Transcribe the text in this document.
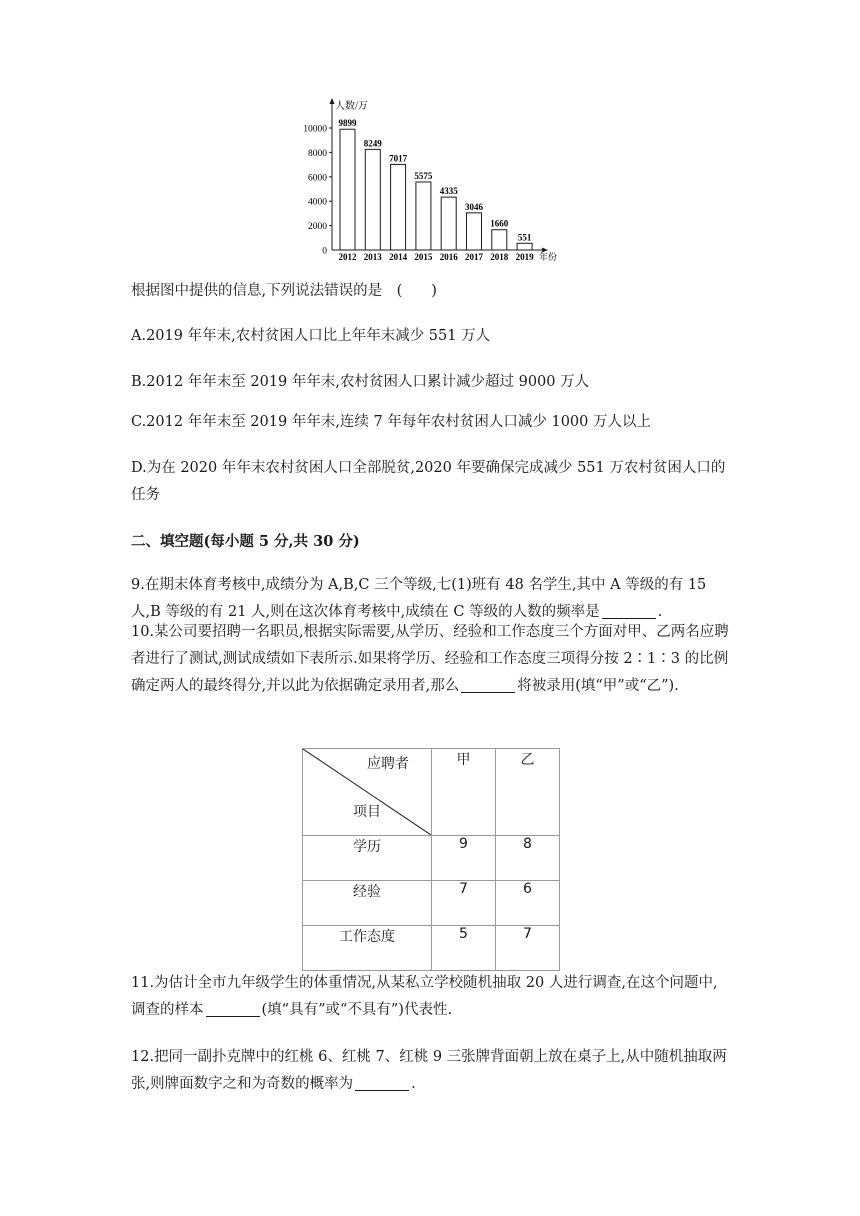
0
2000
4000
6000
8000
10000
9899
8249
7017
5575
4335
3046
1660
551
2012 2013 2014 2015 2016 2017 2018 2019
人数/万
年份

根据图中提供的信息,下列说法错误的是　(　　)

A.2019 年年末,农村贫困人口比上年年末减少 551 万人

B.2012 年年末至 2019 年年末,农村贫困人口累计减少超过 9000 万人

C.2012 年年末至 2019 年年末,连续 7 年每年农村贫困人口减少 1000 万人以上

D.为在 2020 年年末农村贫困人口全部脱贫,2020 年要确保完成减少 551 万农村贫困人口的任务

二、填空题(每小题 5 分,共 30 分)

9.在期末体育考核中,成绩分为 A,B,C 三个等级,七(1)班有 48 名学生,其中 A 等级的有 15 人,B 等级的有 21 人,则在这次体育考核中,成绩在 C 等级的人数的频率是	.

10.某公司要招聘一名职员,根据实际需要,从学历、经验和工作态度三个方面对甲、乙两名应聘者进行了测试,测试成绩如下表所示.如果将学历、经验和工作态度三项得分按 2∶1∶3 的比例确定两人的最终得分,并以此为依据确定录用者,那么	将被录用(填“甲”或“乙”).

应聘者
项目	甲	乙
学历	9	8
经验	7	6
工作态度	5	7

11.为估计全市九年级学生的体重情况,从某私立学校随机抽取 20 人进行调查,在这个问题中,调查的样本	(填“具有”或“不具有”)代表性.

12.把同一副扑克牌中的红桃 6、红桃 7、红桃 9 三张牌背面朝上放在桌子上,从中随机抽取两张,则牌面数字之和为奇数的概率为	.
